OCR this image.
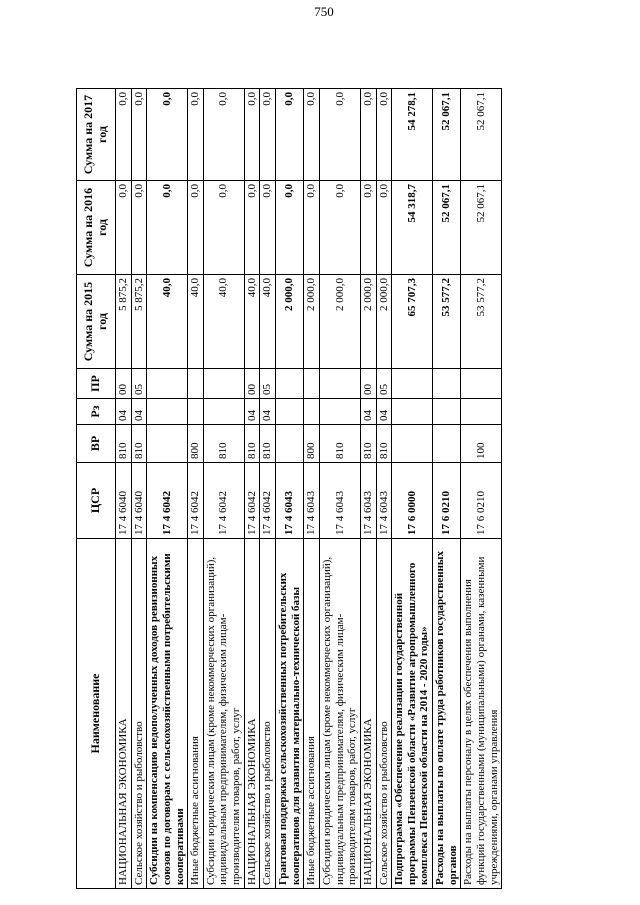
750
Наименование	ЦСР	ВР	Рз	ПР	Сумма на 2015 год	Сумма на 2016 год	Сумма на 2017 год
НАЦИОНАЛЬНАЯ ЭКОНОМИКА	17 4 6040	810	04	00	5 875,2	0,0	0,0
Сельское хозяйство и рыболовство	17 4 6040	810	04	05	5 875,2	0,0	0,0
Субсидии на компенсацию недополученных доходов ревизионных союзов по договорам с сельскохозяйственными потребительскими кооперативами	17 4 6042				40,0	0,0	0,0
Иные бюджетные ассигнования	17 4 6042	800			40,0	0,0	0,0
Субсидии юридическим лицам (кроме некоммерческих организаций), индивидуальным предпринимателям, физическим лицам-производителям товаров, работ, услуг	17 4 6042	810			40,0	0,0	0,0
НАЦИОНАЛЬНАЯ ЭКОНОМИКА	17 4 6042	810	04	00	40,0	0,0	0,0
Сельское хозяйство и рыболовство	17 4 6042	810	04	05	40,0	0,0	0,0
Грантовая поддержка сельскохозяйственных потребительских кооперативов для развития материально-технической базы	17 4 6043				2 000,0	0,0	0,0
Иные бюджетные ассигнования	17 4 6043	800			2 000,0	0,0	0,0
Субсидии юридическим лицам (кроме некоммерческих организаций), индивидуальным предпринимателям, физическим лицам-производителям товаров, работ, услуг	17 4 6043	810			2 000,0	0,0	0,0
НАЦИОНАЛЬНАЯ ЭКОНОМИКА	17 4 6043	810	04	00	2 000,0	0,0	0,0
Сельское хозяйство и рыболовство	17 4 6043	810	04	05	2 000,0	0,0	0,0
Подпрограмма «Обеспечение реализации государственной программы Пензенской области «Развитие агропромышленного комплекса Пензенской области на 2014 - 2020 годы»	17 6 0000				65 707,3	54 318,7	54 278,1
Расходы на выплаты по оплате труда работников государственных органов	17 6 0210				53 577,2	52 067,1	52 067,1
Расходы на выплаты персоналу в целях обеспечения выполнения функций государственными (муниципальными) органами, казенными учреждениями, органами управления	17 6 0210	100			53 577,2	52 067,1	52 067,1
